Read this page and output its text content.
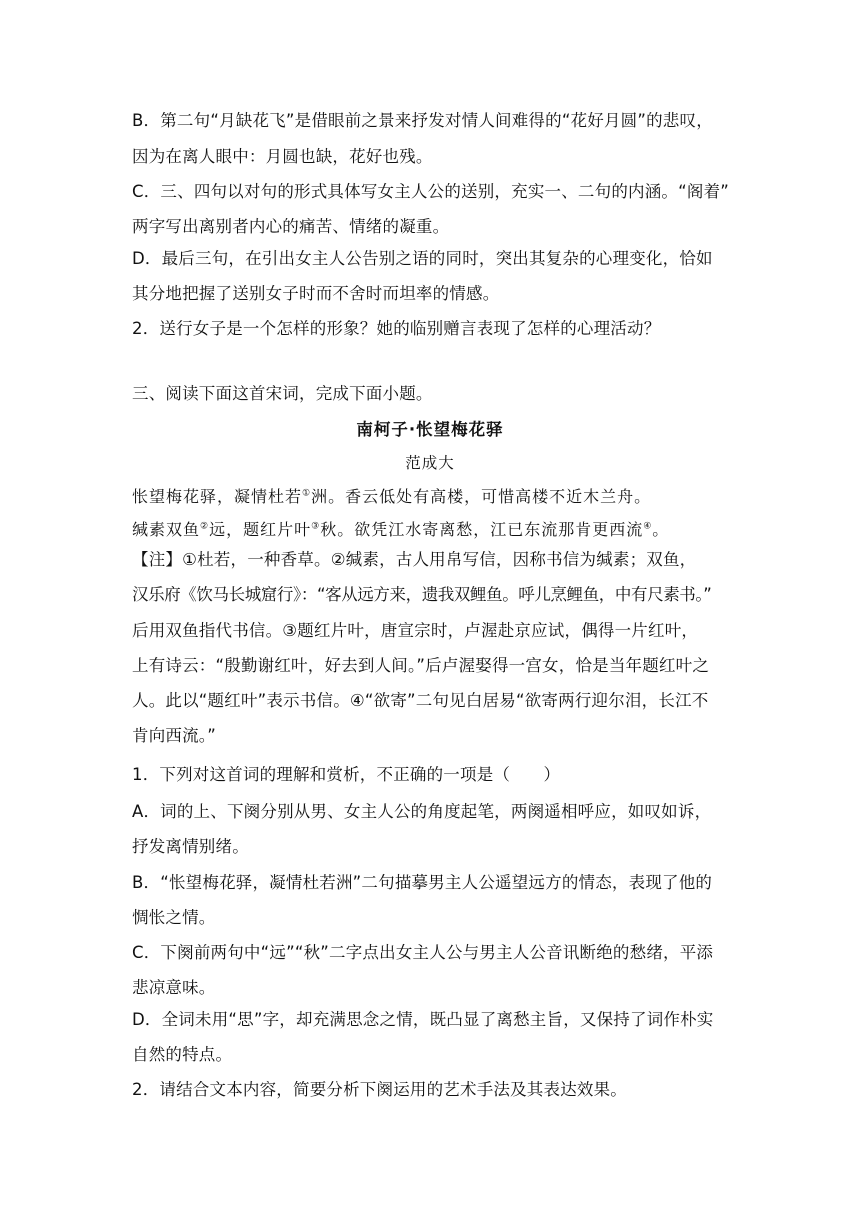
B．第二句“月缺花飞”是借眼前之景来抒发对情人间难得的“花好月圆”的悲叹，
因为在离人眼中：月圆也缺，花好也残。
C．三、四句以对句的形式具体写女主人公的送别，充实一、二句的内涵。“阁着”
两字写出离别者内心的痛苦、情绪的凝重。
D．最后三句，在引出女主人公告别之语的同时，突出其复杂的心理变化，恰如
其分地把握了送别女子时而不舍时而坦率的情感。
2．送行女子是一个怎样的形象？她的临别赠言表现了怎样的心理活动？
三、阅读下面这首宋词，完成下面小题。
南柯子·怅望梅花驿
范成大
怅望梅花驿，凝情杜若①洲。香云低处有高楼，可惜高楼不近木兰舟。
缄素双鱼②远，题红片叶③秋。欲凭江水寄离愁，江已东流那肯更西流④。
【注】①杜若，一种香草。②缄素，古人用帛写信，因称书信为缄素；双鱼，
汉乐府《饮马长城窟行》：“客从远方来，遗我双鲤鱼。呼儿烹鲤鱼，中有尺素书。”
后用双鱼指代书信。③题红片叶，唐宣宗时，卢渥赴京应试，偶得一片红叶，
上有诗云：“殷勤谢红叶，好去到人间。”后卢渥娶得一宫女，恰是当年题红叶之
人。此以“题红叶”表示书信。④“欲寄”二句见白居易“欲寄两行迎尔泪，长江不
肯向西流。”
1．下列对这首词的理解和赏析，不正确的一项是（　　）
A．词的上、下阕分别从男、女主人公的角度起笔，两阕遥相呼应，如叹如诉，
抒发离情别绪。
B．“怅望梅花驿，凝情杜若洲”二句描摹男主人公遥望远方的情态，表现了他的
惆怅之情。
C．下阕前两句中“远”“秋”二字点出女主人公与男主人公音讯断绝的愁绪，平添
悲凉意味。
D．全词未用“思”字，却充满思念之情，既凸显了离愁主旨，又保持了词作朴实
自然的特点。
2．请结合文本内容，简要分析下阕运用的艺术手法及其表达效果。
